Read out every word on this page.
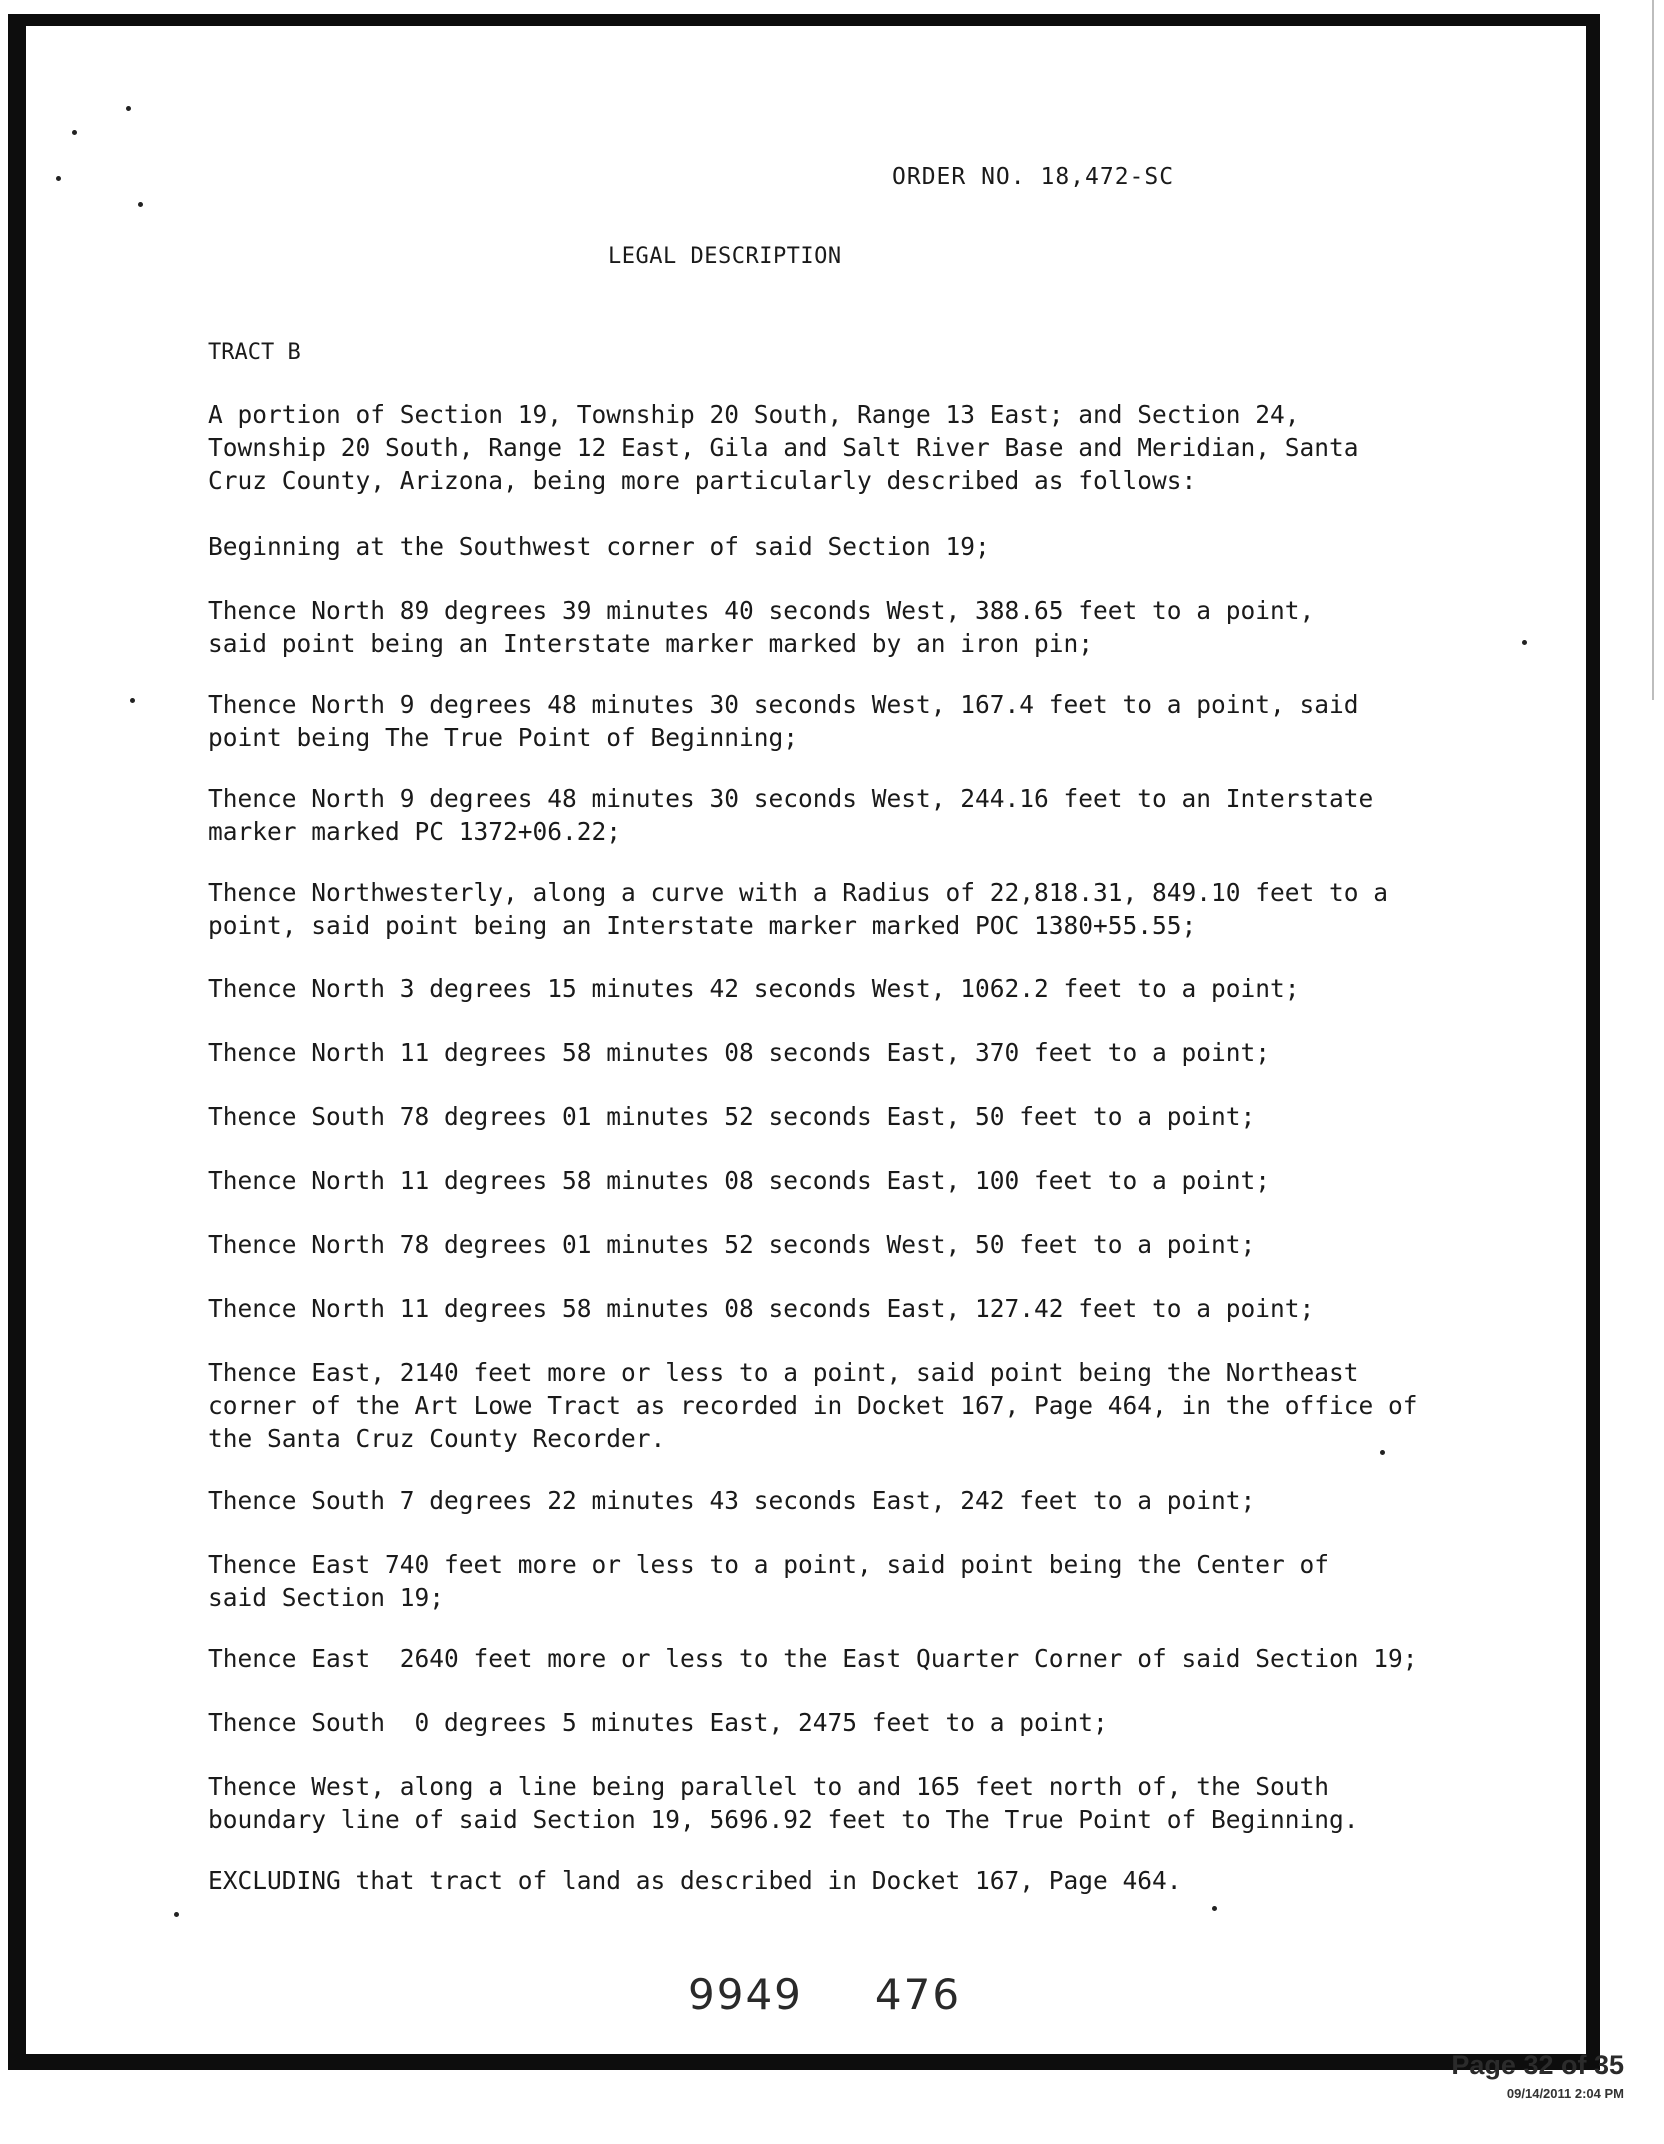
ORDER NO. 18,472-SC
LEGAL DESCRIPTION
TRACT B
A portion of Section 19, Township 20 South, Range 13 East; and Section 24,
Township 20 South, Range 12 East, Gila and Salt River Base and Meridian, Santa
Cruz County, Arizona, being more particularly described as follows:
Beginning at the Southwest corner of said Section 19;
Thence North 89 degrees 39 minutes 40 seconds West, 388.65 feet to a point,
said point being an Interstate marker marked by an iron pin;
Thence North 9 degrees 48 minutes 30 seconds West, 167.4 feet to a point, said
point being The True Point of Beginning;
Thence North 9 degrees 48 minutes 30 seconds West, 244.16 feet to an Interstate
marker marked PC 1372+06.22;
Thence Northwesterly, along a curve with a Radius of 22,818.31, 849.10 feet to a
point, said point being an Interstate marker marked POC 1380+55.55;
Thence North 3 degrees 15 minutes 42 seconds West, 1062.2 feet to a point;
Thence North 11 degrees 58 minutes 08 seconds East, 370 feet to a point;
Thence South 78 degrees 01 minutes 52 seconds East, 50 feet to a point;
Thence North 11 degrees 58 minutes 08 seconds East, 100 feet to a point;
Thence North 78 degrees 01 minutes 52 seconds West, 50 feet to a point;
Thence North 11 degrees 58 minutes 08 seconds East, 127.42 feet to a point;
Thence East, 2140 feet more or less to a point, said point being the Northeast
corner of the Art Lowe Tract as recorded in Docket 167, Page 464, in the office of
the Santa Cruz County Recorder.
Thence South 7 degrees 22 minutes 43 seconds East, 242 feet to a point;
Thence East 740 feet more or less to a point, said point being the Center of
said Section 19;
Thence East  2640 feet more or less to the East Quarter Corner of said Section 19;
Thence South  0 degrees 5 minutes East, 2475 feet to a point;
Thence West, along a line being parallel to and 165 feet north of, the South
boundary line of said Section 19, 5696.92 feet to The True Point of Beginning.
EXCLUDING that tract of land as described in Docket 167, Page 464.
9949 476
Page 32 of 35
09/14/2011 2:04 PM
